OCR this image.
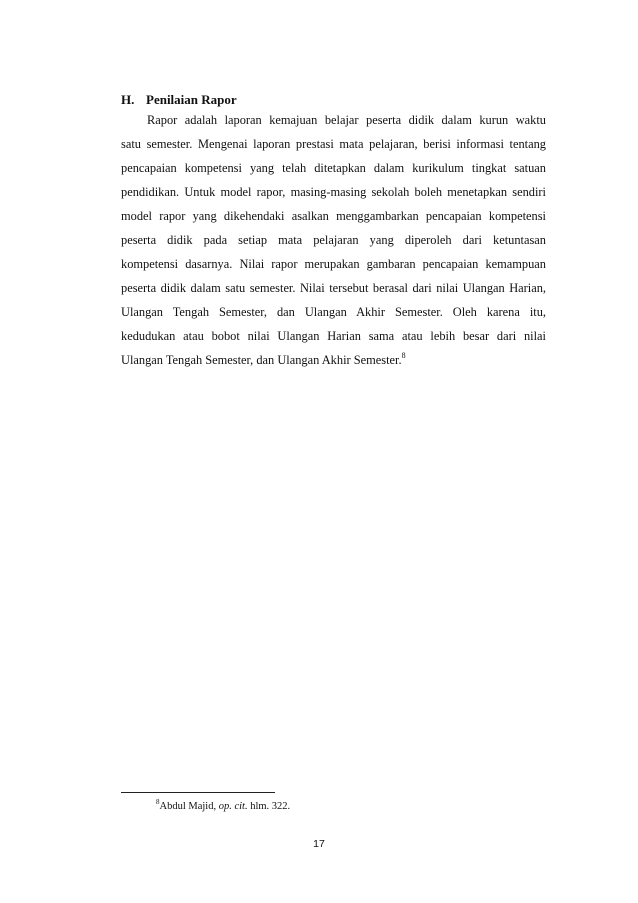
H. Penilaian Rapor
Rapor adalah laporan kemajuan belajar peserta didik dalam kurun waktu
satu semester. Mengenai laporan prestasi mata pelajaran, berisi informasi tentang
pencapaian kompetensi yang telah ditetapkan dalam kurikulum tingkat satuan
pendidikan. Untuk model rapor, masing-masing sekolah boleh menetapkan sendiri
model rapor yang dikehendaki asalkan menggambarkan pencapaian kompetensi
peserta didik pada setiap mata pelajaran yang diperoleh dari ketuntasan
kompetensi dasarnya. Nilai rapor merupakan gambaran pencapaian kemampuan
peserta didik dalam satu semester. Nilai tersebut berasal dari nilai Ulangan Harian,
Ulangan Tengah Semester, dan Ulangan Akhir Semester. Oleh karena itu,
kedudukan atau bobot nilai Ulangan Harian sama atau lebih besar dari nilai
Ulangan Tengah Semester, dan Ulangan Akhir Semester.$^8$
$^8$Abdul Majid, op. cit. hlm. 322.
17
